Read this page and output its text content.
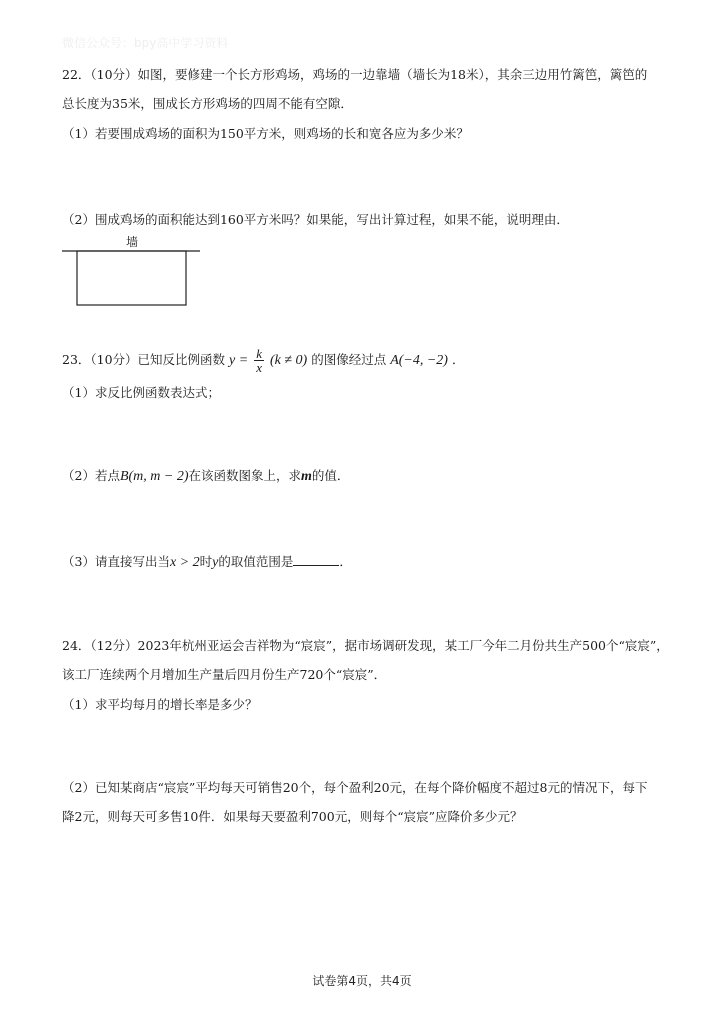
微信公众号：bpy高中学习资料
22．（10分）如图，要修建一个长方形鸡场，鸡场的一边靠墙（墙长为18米），其余三边用竹篱笆，篱笆的
总长度为35米，围成长方形鸡场的四周不能有空隙．
（1）若要围成鸡场的面积为150平方米，则鸡场的长和宽各应为多少米？
（2）围成鸡场的面积能达到160平方米吗？如果能，写出计算过程，如果不能，说明理由．
墙
23．（10分）已知反比例函数 $y = \frac{k}{x} (k \ne 0)$ 的图像经过点 A(−4, −2) ．
（1）求反比例函数表达式；
（2）若点B(m, m − 2)在该函数图象上，求m的值．
（3）请直接写出当x > 2时y的取值范围是	．
24．（12分）2023年杭州亚运会吉祥物为“宸宸”，据市场调研发现，某工厂今年二月份共生产500个“宸宸”，
该工厂连续两个月增加生产量后四月份生产720个“宸宸”．
（1）求平均每月的增长率是多少？
（2）已知某商店“宸宸”平均每天可销售20个，每个盈利20元，在每个降价幅度不超过8元的情况下，每下
降2元，则每天可多售10件．如果每天要盈利700元，则每个“宸宸”应降价多少元？
试卷第4页，共4页
